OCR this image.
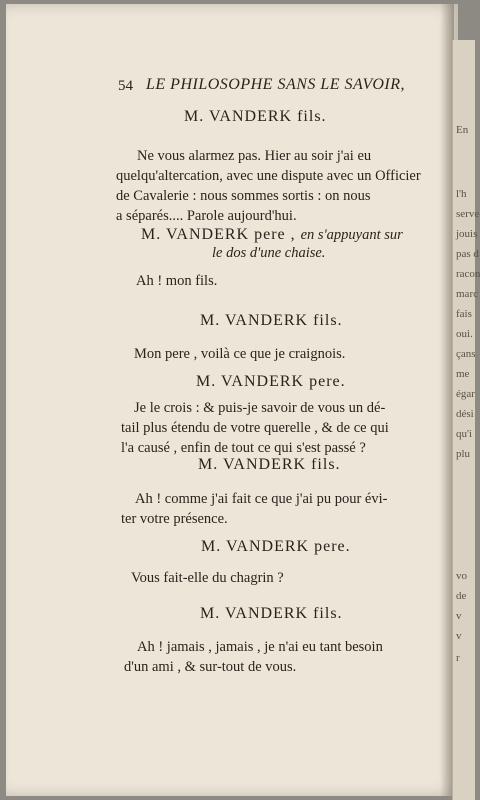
En
l'h
serve
jouis
pas d
racon
marc
fais
oui.
çans
me
égar
dési
qu'i
plu
vo
de
v
v
r
54 LE PHILOSOPHE SANS LE SAVOIR,
M. VANDERK fils.
Ne vous alarmez pas. Hier au soir j'ai eu
quelqu'altercation, avec une dispute avec un Officier
de Cavalerie : nous sommes sortis : on nous
a séparés.... Parole aujourd'hui.
M. VANDERK pere , en s'appuyant sur
le dos d'une chaise.
Ah ! mon fils.
M. VANDERK fils.
Mon pere , voilà ce que je craignois.
M. VANDERK pere.
Je le crois : & puis-je savoir de vous un dé-
tail plus étendu de votre querelle , & de ce qui
l'a causé , enfin de tout ce qui s'est passé ?
M. VANDERK fils.
Ah ! comme j'ai fait ce que j'ai pu pour évi-
ter votre présence.
M. VANDERK pere.
Vous fait-elle du chagrin ?
M. VANDERK fils.
Ah ! jamais , jamais , je n'ai eu tant besoin
d'un ami , & sur-tout de vous.
